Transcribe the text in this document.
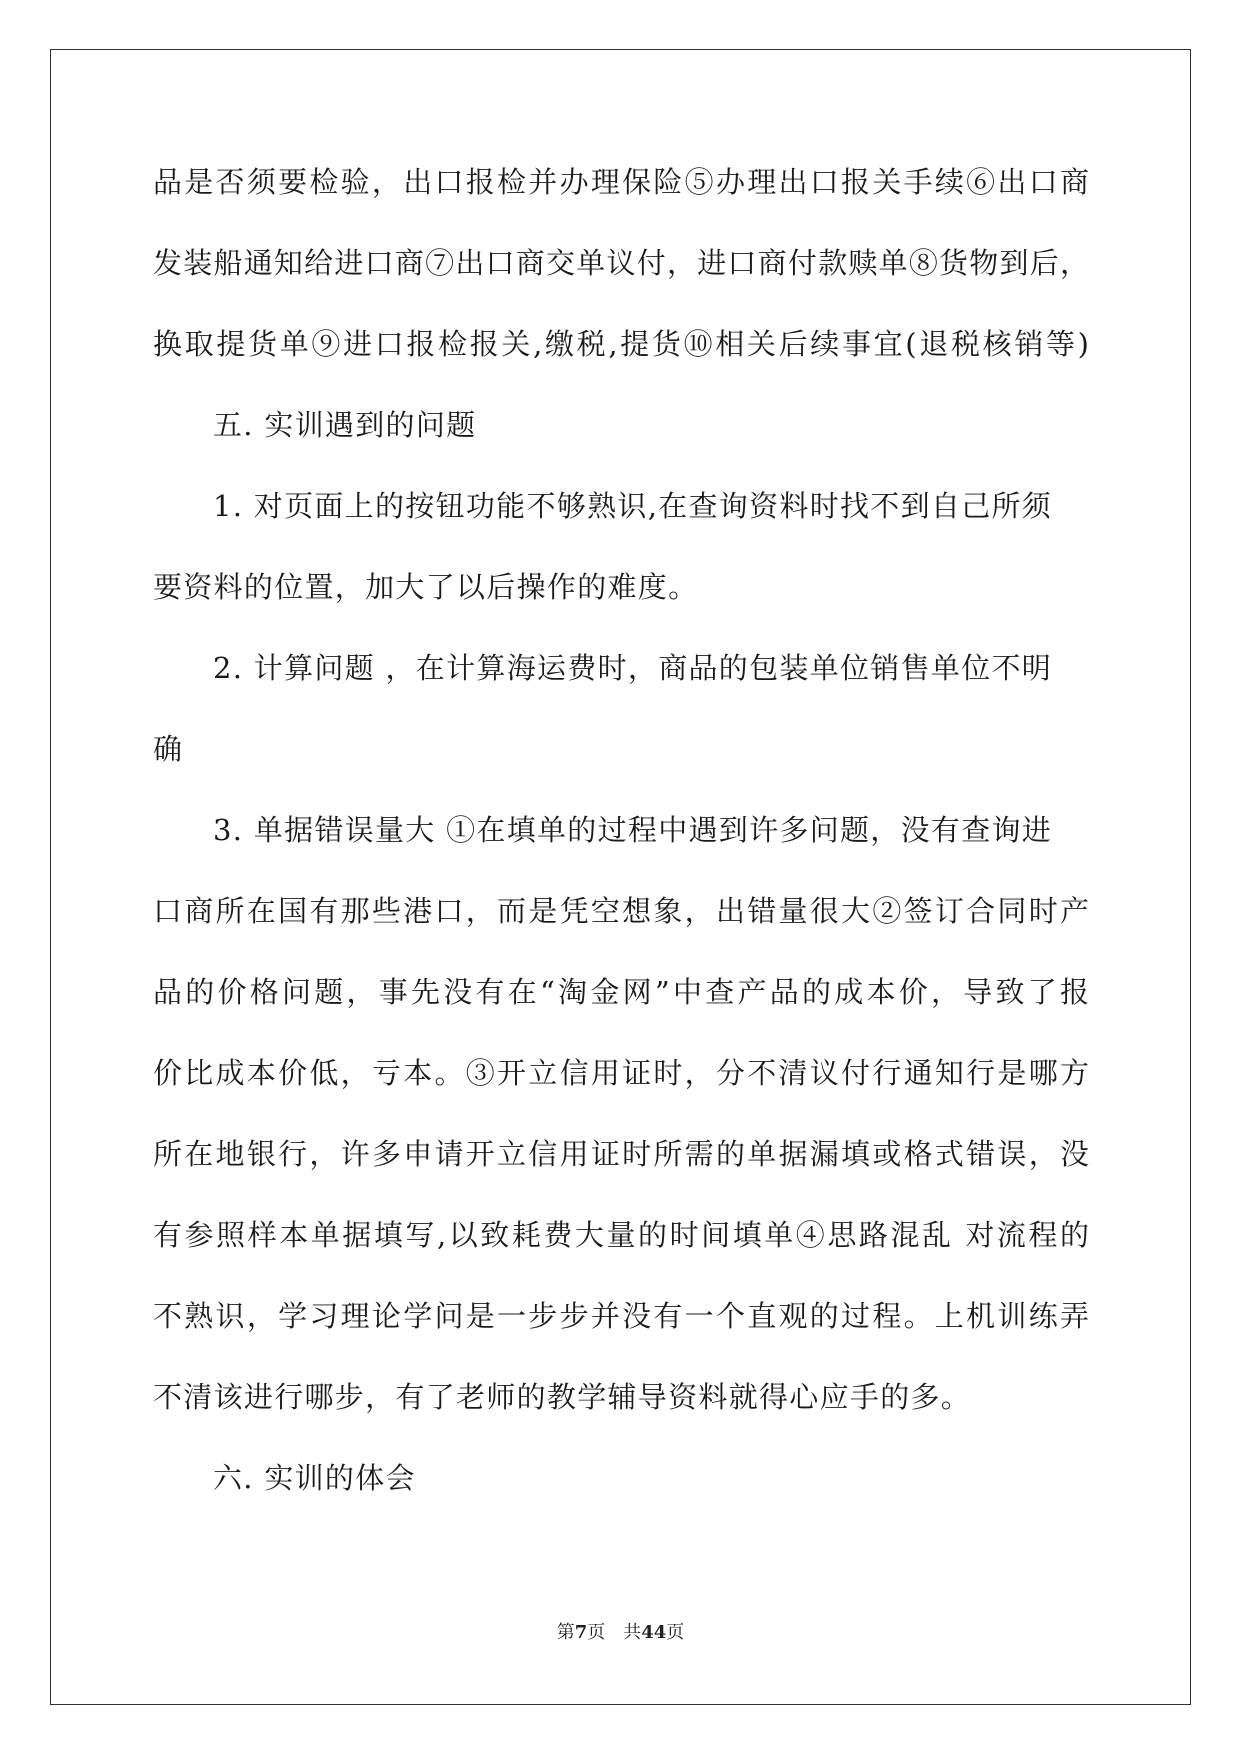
品是否须要检验，出口报检并办理保险⑤办理出口报关手续⑥出口商
发装船通知给进口商⑦出口商交单议付，进口商付款赎单⑧货物到后，
换取提货单⑨进口报检报关,缴税,提货⑩相关后续事宜(退税核销等)
五. 实训遇到的问题
1. 对页面上的按钮功能不够熟识,在查询资料时找不到自己所须
要资料的位置，加大了以后操作的难度。
2. 计算问题 ，在计算海运费时，商品的包装单位销售单位不明
确
3. 单据错误量大 ①在填单的过程中遇到许多问题，没有查询进
口商所在国有那些港口，而是凭空想象，出错量很大②签订合同时产
品的价格问题，事先没有在“淘金网”中查产品的成本价，导致了报
价比成本价低，亏本。③开立信用证时，分不清议付行通知行是哪方
所在地银行，许多申请开立信用证时所需的单据漏填或格式错误，没
有参照样本单据填写,以致耗费大量的时间填单④思路混乱 对流程的
不熟识，学习理论学问是一步步并没有一个直观的过程。上机训练弄
不清该进行哪步，有了老师的教学辅导资料就得心应手的多。
六. 实训的体会
第7页　共44页
